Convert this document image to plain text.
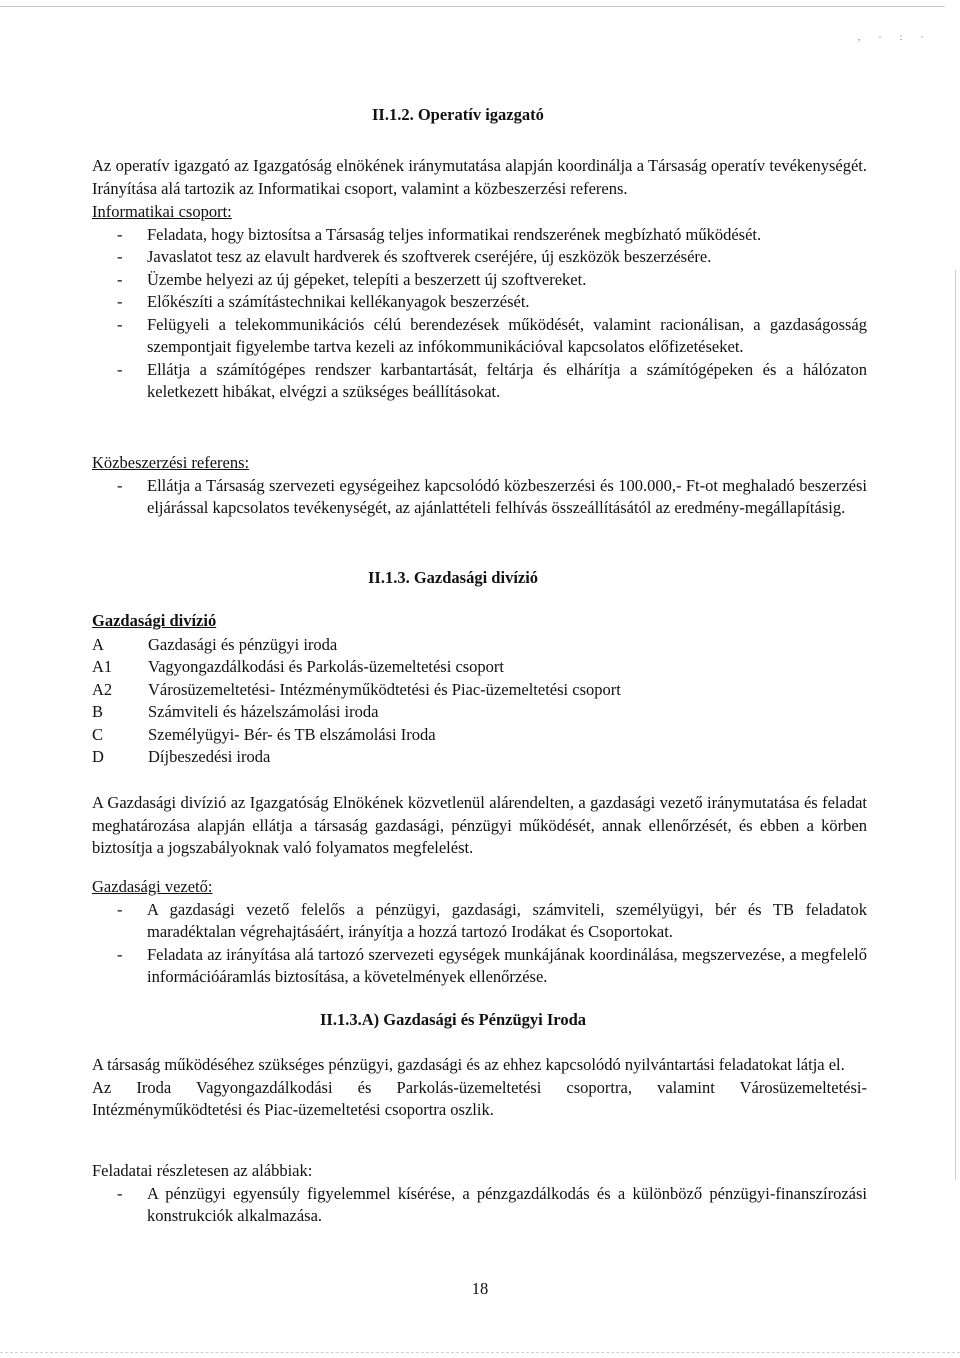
, · : ·
II.1.2. Operatív igazgató

Az operatív igazgató az Igazgatóság elnökének iránymutatása alapján koordinálja a Társaság operatív tevékenységét. Irányítása alá tartozik az Informatikai csoport, valamint a közbeszerzési referens.

Informatikai csoport:
- Feladata, hogy biztosítsa a Társaság teljes informatikai rendszerének megbízható működését.
- Javaslatot tesz az elavult hardverek és szoftverek cseréjére, új eszközök beszerzésére.
- Üzembe helyezi az új gépeket, telepíti a beszerzett új szoftvereket.
- Előkészíti a számítástechnikai kellékanyagok beszerzését.
- Felügyeli a telekommunikációs célú berendezések működését, valamint racionálisan, a gazdaságosság szempontjait figyelembe tartva kezeli az infókommunikációval kapcsolatos előfizetéseket.
- Ellátja a számítógépes rendszer karbantartását, feltárja és elhárítja a számítógépeken és a hálózaton keletkezett hibákat, elvégzi a szükséges beállításokat.
Közbeszerzési referens:
- Ellátja a Társaság szervezeti egységeihez kapcsolódó közbeszerzési és 100.000,- Ft-ot meghaladó beszerzési eljárással kapcsolatos tevékenységét, az ajánlattételi felhívás összeállításától az eredmény-megállapításig.
II.1.3. Gazdasági divízió
Gazdasági divízió
A	Gazdasági és pénzügyi iroda
A1	Vagyongazdálkodási és Parkolás-üzemeltetési csoport
A2	Városüzemeltetési- Intézményműködtetési és Piac-üzemeltetési csoport
B	Számviteli és házelszámolási iroda
C	Személyügyi- Bér- és TB elszámolási Iroda
D	Díjbeszedési iroda

A Gazdasági divízió az Igazgatóság Elnökének közvetlenül alárendelten, a gazdasági vezető iránymutatása és feladat meghatározása alapján ellátja a társaság gazdasági, pénzügyi működését, annak ellenőrzését, és ebben a körben biztosítja a jogszabályoknak való folyamatos megfelelést.

Gazdasági vezető:
- A gazdasági vezető felelős a pénzügyi, gazdasági, számviteli, személyügyi, bér és TB feladatok maradéktalan végrehajtásáért, irányítja a hozzá tartozó Irodákat és Csoportokat.
- Feladata az irányítása alá tartozó szervezeti egységek munkájának koordinálása, megszervezése, a megfelelő információáramlás biztosítása, a követelmények ellenőrzése.
II.1.3.A) Gazdasági és Pénzügyi Iroda

A társaság működéséhez szükséges pénzügyi, gazdasági és az ehhez kapcsolódó nyilvántartási feladatokat látja el.

Az Iroda Vagyongazdálkodási és Parkolás-üzemeltetési csoportra, valamint Városüzemeltetési- Intézményműködtetési és Piac-üzemeltetési csoportra oszlik.

Feladatai részletesen az alábbiak:
- A pénzügyi egyensúly figyelemmel kísérése, a pénzgazdálkodás és a különböző pénzügyi-finanszírozási konstrukciók alkalmazása.
18
